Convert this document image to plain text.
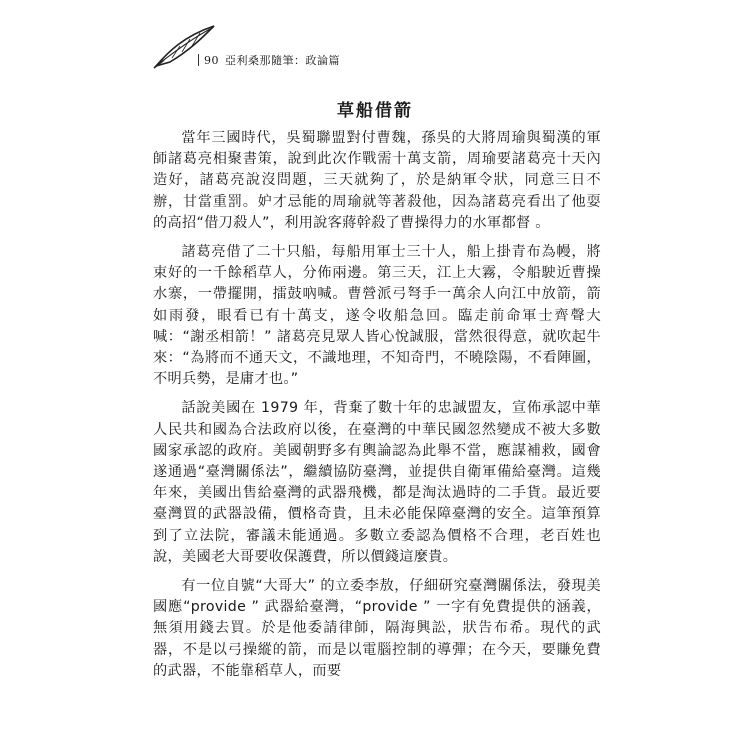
90 亞利桑那隨筆：政論篇
草船借箭

當年三國時代，吳蜀聯盟對付曹魏，孫吳的大將周瑜與蜀漢的軍師諸葛亮相聚書策，說到此次作戰需十萬支箭，周瑜要諸葛亮十天內造好，諸葛亮說沒問題，三天就夠了，於是納軍令狀，同意三日不辦，甘當重罰。妒才忌能的周瑜就等著殺他，因為諸葛亮看出了他耍的高招“借刀殺人”，利用說客蔣幹殺了曹操得力的水軍都督 。

諸葛亮借了二十只船，每船用軍士三十人，船上掛青布為幔，將束好的一千餘稻草人，分佈兩邊。第三天，江上大霧，令船駛近曹操水寨，一帶擺開，擂鼓吶喊。曹營派弓弩手一萬余人向江中放箭，箭如雨發，眼看已有十萬支，遂令收船急回。臨走前命軍士齊聲大喊：“謝丞相箭！” 諸葛亮見眾人皆心悅誠服，當然很得意，就吹起牛來：“為將而不通天文，不識地理，不知奇門，不曉陰陽，不看陣圖，不明兵勢，是庸才也。”

話說美國在 1979 年，背棄了數十年的忠誠盟友，宣佈承認中華人民共和國為合法政府以後，在臺灣的中華民國忽然變成不被大多數國家承認的政府。美國朝野多有輿論認為此舉不當，應謀補救，國會遂通過“臺灣關係法”，繼續協防臺灣，並提供自衛軍備給臺灣。這幾年來，美國出售給臺灣的武器飛機，都是淘汰過時的二手貨。最近要臺灣買的武器設備，價格奇貴，且未必能保障臺灣的安全。這筆預算到了立法院，審議未能通過。多數立委認為價格不合理，老百姓也說，美國老大哥要收保護費，所以價錢這麼貴。

有一位自號“大哥大” 的立委李敖，仔細研究臺灣關係法，發現美國應“provide ” 武器給臺灣，“provide ” 一字有免費提供的涵義，無須用錢去買。於是他委請律師，隔海興訟，狀告布希。現代的武器，不是以弓操縱的箭，而是以電腦控制的導彈；在今天，要賺免費的武器，不能靠稻草人，而要
